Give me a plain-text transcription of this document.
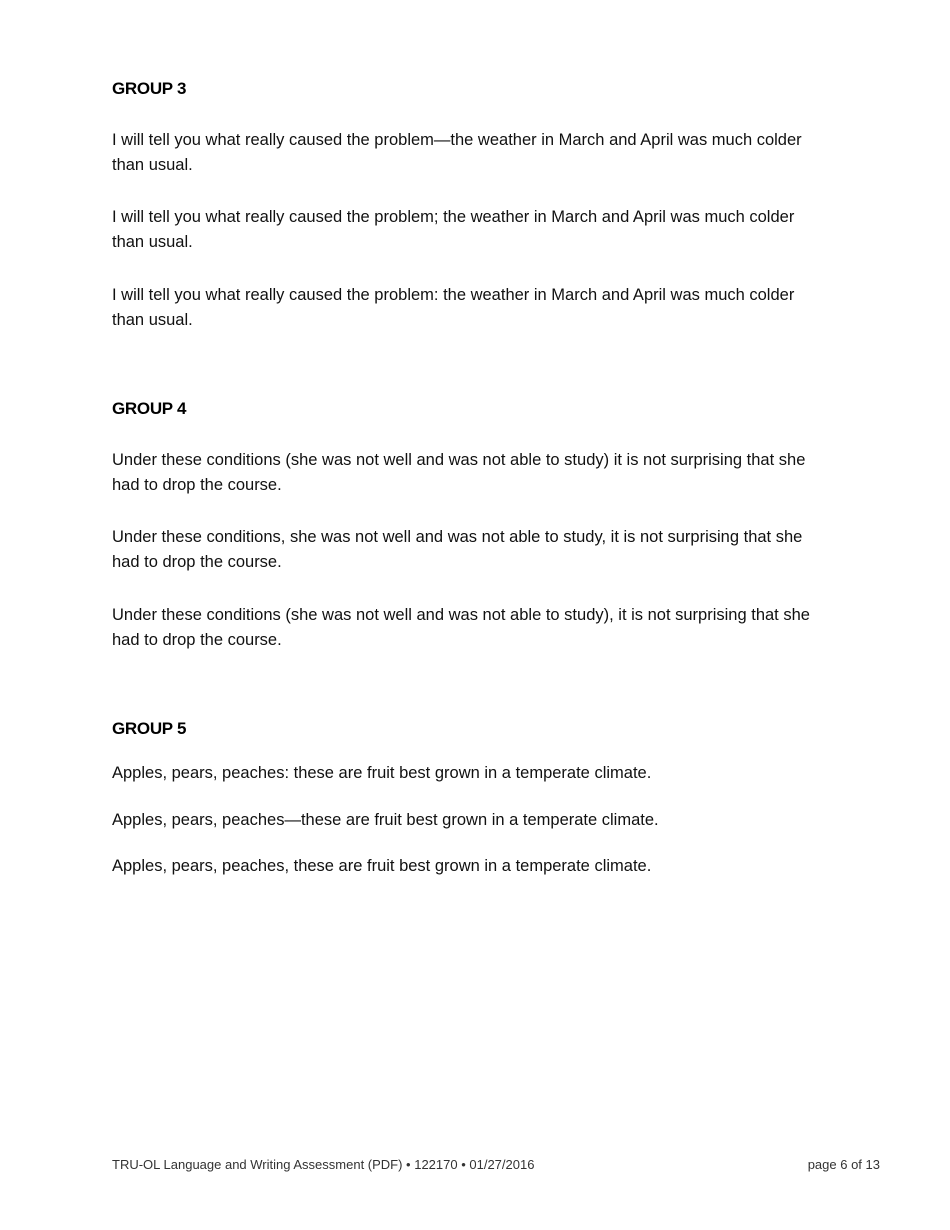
GROUP 3

I will tell you what really caused the problem—the weather in March and April was much colder than usual.

I will tell you what really caused the problem; the weather in March and April was much colder than usual.

I will tell you what really caused the problem: the weather in March and April was much colder than usual.

GROUP 4

Under these conditions (she was not well and was not able to study) it is not surprising that she had to drop the course.

Under these conditions, she was not well and was not able to study, it is not surprising that she had to drop the course.

Under these conditions (she was not well and was not able to study), it is not surprising that she had to drop the course.

GROUP 5

Apples, pears, peaches: these are fruit best grown in a temperate climate.

Apples, pears, peaches—these are fruit best grown in a temperate climate.

Apples, pears, peaches, these are fruit best grown in a temperate climate.

TRU-OL Language and Writing Assessment (PDF) • 122170 • 01/27/2016	page 6 of 13
